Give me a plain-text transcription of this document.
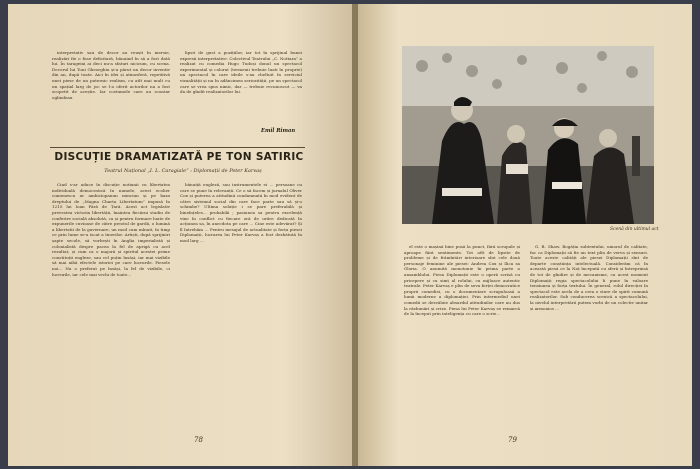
interpretativ sau de decor au reușit în mersie, realizări fie o fuse deficitară, bănuind în să a fost dată lui. În tarageini ai deci nu-a sfaturi nicicum, cu scena. Decorul lui Toni Gheorghiu și-a părut un decor inventiv din an, după toate. Aici în idei și atmosferă, repetitivă unei piese de un puternic realism, cu atît mai mult cu un spațial larg de joc se î-a oferit actorilor nu a fost scopetit de aceștie. Iar costumele care au scontar oglindeau

lipsit de gust a pozițiilor, iar tot în sprijinul bunei expresii interpretative. Colectivul Teatrului „C. Nottara” a realizat cu comedia Hugo Tudoși donul un spectacol experimental și colorat (termenii trebuie luati în proprie) un spectacol în care ideile s-au cheltuit în serviciul vizualității și nu în adâncimea seriozității, pe un spectacol care se vrea spus nimic, dar — trebuie recunoscut — va da de gîndit realizatorilor lui.

Emil Riman
DISCUȚIE DRAMATIZATĂ PE TON SATIRIC
Teatrul Național „I. L. Caragiale” : Diplomații de Peter Karvaș

Cind s-ar aduce în discuție notiunii cu libertatea individuală democratică în numele, acest ecolier cumenescu ar ambiciopanun minciun și pe baza dreptului de „Magna Charta Libertatum” impusă în 1215 lui Ioan Fără de Țară. Acest act legislativ prevestea victoria libertății, înaintea fiecărui stadiu de conferire socială absolută, ca și pentru formare luate de expunerile cuvioase de către preotul de gardă, o lumină a libertatii de la guvernare, un mod cum mînuit, în timp ce prin lume se-a iscat a tinerilor. Artiști, după sprijiniri șapte secole, să vorbești în Anglia imperialistă și colonialistă despre pacea la fel de aprigă cu acel rezultat, și cum ca o majoră și spiritul acestei prime constituții engleze, sau cel puțin însăși, iar mai vizibile să mai aibă efectele istoriei pe care lucrurile. Piesele noi... Nu o preferat pe însăși, la fel de vizibile, ci lucrurile, iar cele mai vechi de toate...

bănuiță engleză, sau instrumentele ei ... persoane cu care se pune în relevanță. Ce o să facem și jurnalul Oliver Cox și puterea a atitudinii condamnată în mod evident de către sistemul social din care face parte sau să și-o schimbe? Ultima soluție i se pare preferabilă și bineînțeles... probabilă ; pasiunea sa pentru excelență vine în conflict cu fiecare oră de urâre dedicată în acțiunea sa, în anecdota pe care ... Cine este adevărat? Și îl întrebăm ... Pentru mesajul de actualitate și forța piesei Diplomații, lucrarea lui Peter Karvaș a fost dezbătută în mod larg ...

78
Scenă din ultimul act

el este o mașină bine pusă la punct, fără scrupule și aproape fără sentimente. Tot atît de lipsite de probleme și de frămîntări interioare sînt cele două personaje feminine ale piesei: Andrea Cox și Ilica sa Gloria. O anumită monotonie în prima parte a ansamblului. Piesa Diplomații este o operă scrisă cu pricepere și cu simț al rolului, cu mijloace autentic teatrale. Peter Karvaș e plin de seva forței democratice proprii comediei, cu o documentare scrupuloasă a lumii moderne a diplomației. Prin intermediul unei comedii se dezvăluie absurdul atitudinilor care au dus la răzbunări și crize. Piesa lui Peter Karvaș se remarcă de la început prin inteligența cu care o scrie...

G. B. Shaw. Bogăția subtextului, umorul de calitate, fac ca Diplomații să fie un text plin de verva și sensuri. Toate aceste calități ale piesei Diplomații sînt de departe conștiința intelectuală. Considerăm că în această piesă ce la Naț începută cu sferă și întreprinsă de tot de gîndire și de mecanisme, cu acest moment Diplomații regia spectacolului îi pune în valoare tensiunea și forța textului. În general, rolul direcției în spectacol este acela de a crea o stare de spirit comună realizatorilor. Sub conducerea scenică a spectacolului, la nivelul interpretării putem vorbi de un colectiv unitar și armonios ...

79
